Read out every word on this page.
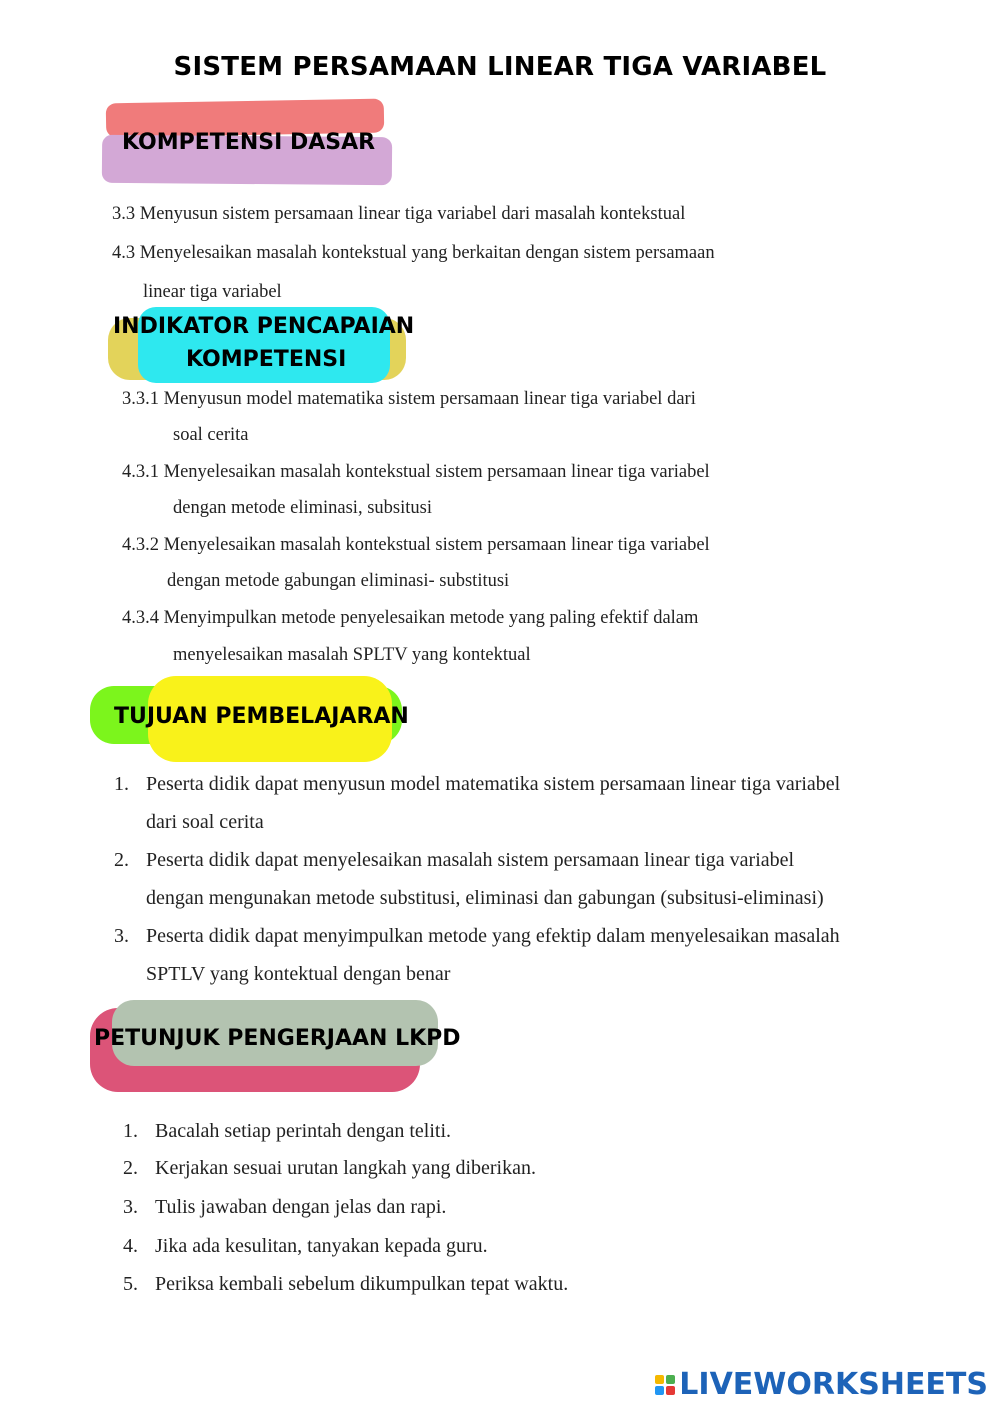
SISTEM PERSAMAAN LINEAR TIGA VARIABEL
KOMPETENSI DASAR
3.3 Menyusun sistem persamaan linear tiga variabel dari masalah kontekstual
4.3 Menyelesaikan masalah kontekstual yang berkaitan dengan sistem persamaan
linear tiga variabel
INDIKATOR PENCAPAIAN
KOMPETENSI
3.3.1 Menyusun model matematika sistem persamaan linear tiga variabel dari
soal cerita
4.3.1 Menyelesaikan masalah kontekstual sistem persamaan linear tiga variabel
dengan metode eliminasi, subsitusi
4.3.2 Menyelesaikan masalah kontekstual sistem persamaan linear tiga variabel
dengan metode gabungan eliminasi- substitusi
4.3.4 Menyimpulkan metode penyelesaikan metode yang paling efektif dalam
menyelesaikan masalah SPLTV yang kontektual
TUJUAN PEMBELAJARAN
1. Peserta didik dapat menyusun model matematika sistem persamaan linear tiga variabel
dari soal cerita
2. Peserta didik dapat menyelesaikan masalah sistem persamaan linear tiga variabel
dengan mengunakan metode substitusi, eliminasi dan gabungan (subsitusi-eliminasi)
3. Peserta didik dapat menyimpulkan metode yang efektip dalam menyelesaikan masalah
SPTLV yang kontektual dengan benar
PETUNJUK PENGERJAAN LKPD
1. Bacalah setiap perintah dengan teliti.
2. Kerjakan sesuai urutan langkah yang diberikan.
3. Tulis jawaban dengan jelas dan rapi.
4. Jika ada kesulitan, tanyakan kepada guru.
5. Periksa kembali sebelum dikumpulkan tepat waktu.
LIVEWORKSHEETS
